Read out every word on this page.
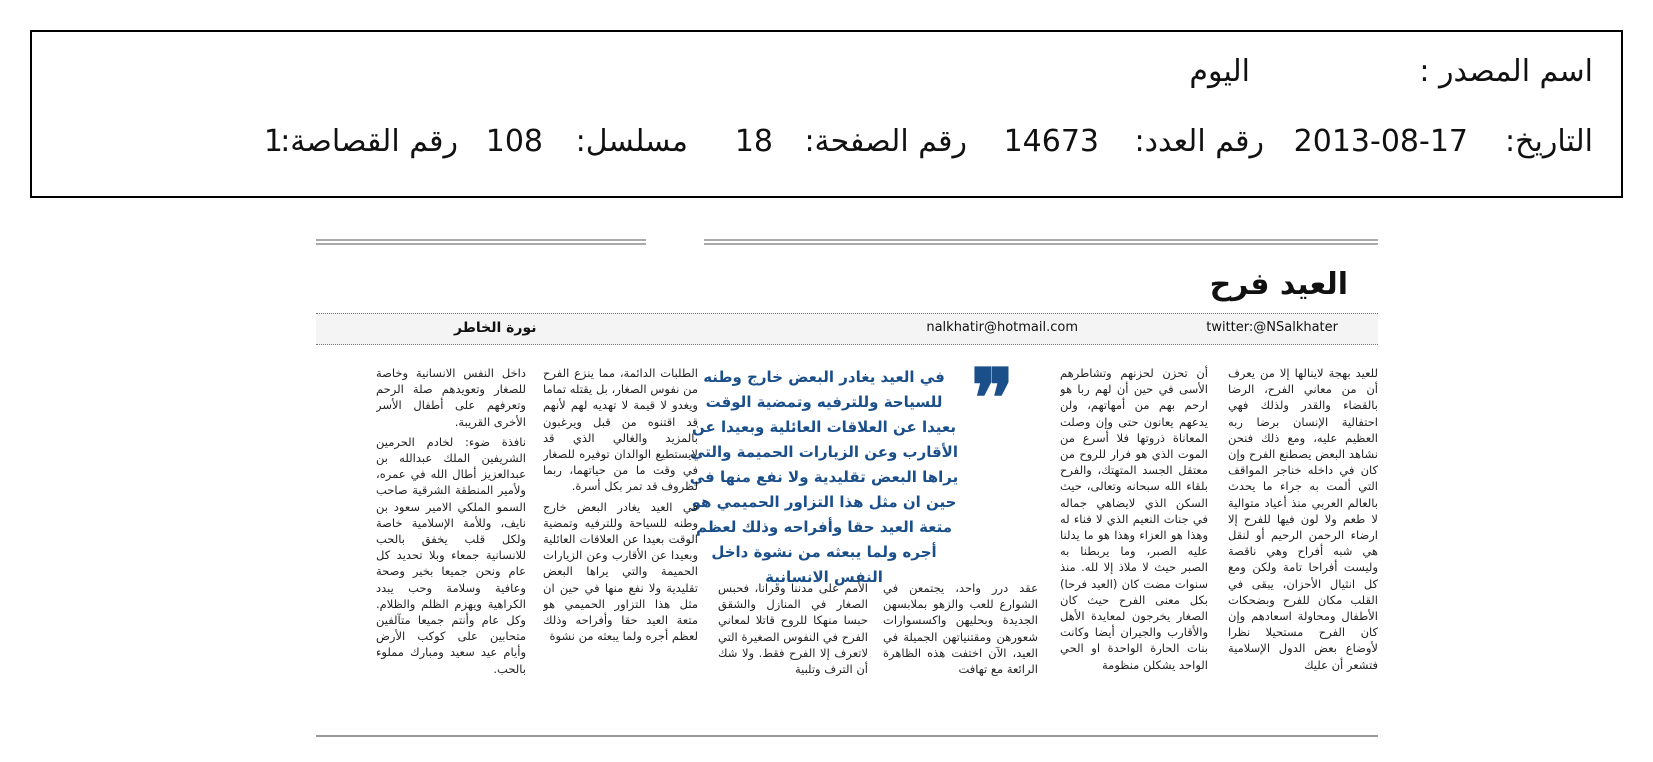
اسم المصدر :
اليوم
التاريخ:
2013-08-17
رقم العدد:
14673
رقم الصفحة:
18
مسلسل:
108
رقم القصاصة:
1
العيد فرح
twitter:@NSalkhater
nalkhatir@hotmail.com
نورة الخاطر

للعيد بهجة لاينالها إلا من يعرف أن من معاني الفرح، الرضا بالقضاء والقدر ولذلك فهي احتفالية الإنسان برضا ربه العظيم عليه، ومع ذلك فنحن نشاهد البعض يصطنع الفرح وإن كان في داخله خناجر المواقف التي ألمت به جراء ما يحدث بالعالم العربي منذ أعياد متوالية لا طعم ولا لون فيها للفرح إلا ارضاء الرحمن الرحيم أو لنقل هي شبه أفراح وهي ناقصة وليست أفراحا تامة ولكن ومع كل انثيال الأحزان، يبقى في القلب مكان للفرح وبضحكات الأطفال ومحاولة اسعادهم وإن كان الفرح مستحيلا نظرا لأوضاع بعض الدول الإسلامية فتشعر أن عليك

أن تحزن لحزنهم وتشاطرهم الأسى في حين أن لهم ربا هو ارحم بهم من أمهاتهم، ولن يدعهم يعانون حتى وإن وصلت المعاناة ذروتها فلا أسرع من الموت الذي هو فرار للروح من معتقل الجسد المتهتك، والفرح بلقاء الله سبحانه وتعالى، حيث السكن الذي لايضاهي جماله في جنات النعيم الذي لا فناء له وهذا هو العزاء وهذا هو ما يدلنا عليه الصبر، وما يربطنا به الصبر حيث لا ملاذ إلا لله. منذ سنوات مضت كان (العيد فرحا) بكل معنى الفرح حيث كان الصغار يخرجون لمعايدة الأهل والأقارب والجيران أيضا وكانت بنات الحارة الواحدة او الحي الواحد يشكلن منظومة

❞
في العيد يغادر البعض خارج وطنه للسياحة وللترفيه وتمضية الوقت بعيدا عن العلاقات العائلية وبعيدا عن الأقارب وعن الزيارات الحميمة والتي يراها البعض تقليدية ولا نفع منها في حين ان مثل هذا التزاور الحميمي هو متعة العيد حقا وأفراحه وذلك لعظم أجره ولما يبعثه من نشوة داخل النفس الانسانية

عقد درر واحد، يجتمعن في الشوارع للعب والزهو بملابسهن الجديدة وبحليهن واكسسوارات شعورهن ومقتنياتهن الجميلة في العيد، الآن اختفت هذه الظاهرة الرائعة مع تهافت

الأمم على مدننا وقرانا، فحبس الصغار في المنازل والشقق حبسا منهكا للروح قاتلا لمعاني الفرح في النفوس الصغيرة التي لاتعرف إلا الفرح فقط. ولا شك أن الترف وتلبية

الطلبات الدائمة، مما ينزع الفرح من نفوس الصغار، بل يقتله تماما ويغدو لا قيمة لا تهديه لهم لأنهم قد اقتنوه من قبل ويرغبون بالمزيد والغالي الذي قد لايستطيع الوالدان توفيره للصغار في وقت ما من حياتهما، ربما لظروف قد تمر بكل أسرة.

في العيد يغادر البعض خارج وطنه للسياحة وللترفيه وتمضية الوقت بعيدا عن العلاقات العائلية وبعيدا عن الأقارب وعن الزيارات الحميمة والتي يراها البعض تقليدية ولا نفع منها في حين ان مثل هذا التزاور الحميمي هو متعة العيد حقا وأفراحه وذلك لعظم أجره ولما يبعثه من نشوة

داخل النفس الانسانية وخاصة للصغار وتعويدهم صلة الرحم وتعرفهم على أطفال الأسر الأخرى القريبة.

نافذة ضوء: لخادم الحرمين الشريفين الملك عبدالله بن عبدالعزيز أطال الله في عمره، ولأمير المنطقة الشرقية صاحب السمو الملكي الامير سعود بن نايف، وللأمة الإسلامية خاصة ولكل قلب يخفق بالحب للانسانية جمعاء وبلا تحديد كل عام ونحن جميعا بخير وصحة وعافية وسلامة وحب يبدد الكراهية ويهزم الظلم والظلام. وكل عام وأنتم جميعا متآلفين متحابين على كوكب الأرض وأيام عيد سعيد ومبارك مملوء بالحب.
